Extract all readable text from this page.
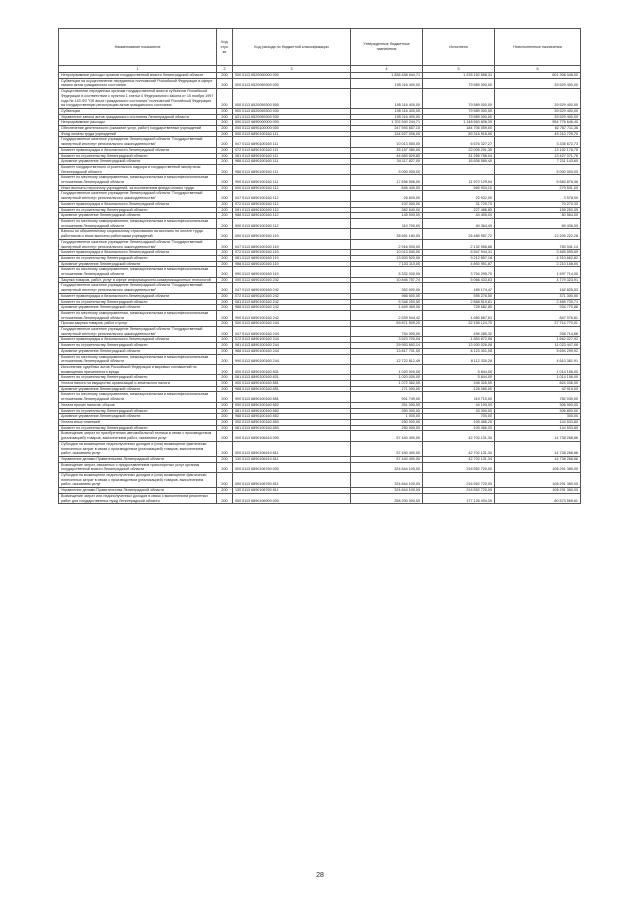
Наименование показателя	Код стро ки	Код расхода по бюджетной классификации	Утвержденные бюджетные назначения	Исполнено	Неисполненные назначения
1	2	3	4	5	6
Непрограммные расходы органов государственной власти Ленинградской области	200	000 0113 6520000000 000	1 836 458 644,71	1 235 152 658,31	601 306 046,00
Субвенции на осуществление переданных полномочий Российской Федерации в сфере записи актов гражданского состояния	200	000 0113 6520059300 000	195 116 400,00	79 589 000,00	39 529 400,00
Осуществление переданных органам государственной власти субъектов Российской Федерации в соответствии с пунктом 1 статьи 4 Федерального закона от 15 ноября 1997 года № 143-ФЗ "Об актах гражданского состояния" полномочий Российской Федерации на государственную регистрацию актов гражданского состояния	200	000 0113 6520059300 500	195 116 400,00	79 589 000,00	39 529 400,00
Субвенции	200	000 0113 6520059300 530	195 116 400,00	79 589 000,00	39 529 400,00
Управление записи актов гражданского состояния Ленинградской области	200	631 0113 6520059300 530	195 116 400,00	79 589 000,00	39 529 400,00
Непрограммные расходы	200	000 0113 6890000000 000	1 702 340 244,71	1 148 563 608,30	554 776 646,40
Обеспечение деятельности (оказание услуг, работ) государственных учреждений	200	000 0113 6890100000 000	247 593 657,10	184 706 059,00	62 787 711,36
Фонд оплаты труда учреждений	200	000 0113 6890100160 111	134 527 006,00	89 316 916,00	45 210 729,70
Государственное казенное учреждение Ленинградской области "Государственный экспертный институт регионального законодательства"	200	047 0113 6890100160 111	10 013 500,00	6 676 327,27	3 336 672,73
Комитет правопорядка и безопасности Ленинградской области	200	072 0113 6890100160 111	35 157 380,00	22 005 201,35	13 152 178,75
Комитет по строительству Ленинградской области	200	081 0113 6890100160 111	44 683 829,80	31 256 758,04	13 427 071,76
Архивное управление Ленинградской области	200	988 0113 6890100160 111	34 117 827,00	16 836 589,40	7 211 143,60
Комитет государственного строительного надзора и государственной экспертизы Ленинградской области	200	986 0113 6890100160 111	5 000 000,00		5 000 000,00
Комитет по местному самоуправлению, межнациональным и межконфессиональным отношениям Ленинградской области	200	990 0113 6890100160 111	17 656 506,00	11 972 129,94	5 683 876,46
Иные выплаты персоналу учреждений, за исключением фонда оплаты труда	200	000 0113 6890100160 112	846 440,00	565 934,10	279 531,00
Государственное казенное учреждение Ленинградской области "Государственный экспертный институт регионального законодательства"	200	047 0113 6890100160 112	26 600,00	22 932,00	3 578,00
Комитет правопорядка и безопасности Ленинградской области	200	072 0113 6890100160 112	102 000,00	31 729,70	70 270,30
Комитет по строительству Ленинградской области	200	081 0113 6890100160 112	382 640,00	227 486,85	155 253,35
Архивное управление Ленинградской области	200	988 0113 6890100160 112	145 000,00	44 405,00	60 564,00
Комитет по местному самоуправлению, межнациональным и межконфессиональным отношениям Ленинградской области	200	990 0113 6890100160 112	110 700,00	40 364,40	69 436,00
Взносы по обязательному социальному страхованию на выплаты по оплате труда работников и иные выплаты работникам учреждений	200	000 0113 6890100160 119	38 691 180,00	26 485 957,72	12 205 222,28
Государственное казенное учреждение Ленинградской области "Государственный экспертный институт регионального законодательства"	200	047 0113 6890100160 119	2 916 000,00	2 132 958,86	783 041,14
Комитет правопорядка и безопасности Ленинградской области	200	072 0113 6890100160 119	10 013 540,00	6 547 944,31	3 465 595,69
Комитет по строительству Ленинградской области	200	081 0113 6890100160 119	13 503 520,00	9 212 857,18	4 310 662,82
Архивное управление Ленинградской области	200	988 0113 6890100160 119	7 103 110,00	4 892 951,87	2 210 158,00
Комитет по местному самоуправлению, межнациональным и межконфессиональным отношениям Ленинградской области	200	990 0113 6890100160 119	5 332 030,00	3 754 295,70	1 597 714,30
Закупка товаров, работ, услуг в сфере информационно-коммуникационных технологий	200	000 0113 6890100160 242	10 846 757,74	5 066 433,63	4 779 323,91
Государственное казенное учреждение Ленинградской области "Государственный экспертный институт регионального законодательства"	200	047 0113 6890100160 242	352 000,00	189 174,47	162 825,53
Комитет правопорядка и безопасности Ленинградской области	200	072 0113 6890100160 242	966 600,00	595 278,50	371 300,50
Комитет по строительству Ленинградской области	200	081 0113 6890100160 242	5 348 250,50	2 868 519,81	2 489 730,71
Архивное управление Ленинградской области	200	988 0113 6890100160 242	1 649 469,00	728 682,85	934 770,88
Комитет по местному самоуправлению, межнациональным и межконфессиональным отношениям Ленинградской области	200	990 0113 6890100160 242	2 539 944,42	1 680 867,61	847 076,81
Прочая закупка товаров, работ и услуг	200	000 0113 6890100160 244	59 871 509,20	32 155 124,70	27 714 770,01
Государственное казенное учреждение Ленинградской области "Государственный экспертный институт регионального законодательства"	200	047 0113 6890100160 244	754 000,00	495 285,32	258 714,68
Комитет правопорядка и безопасности Ленинградской области	200	072 0113 6890100160 244	3 523 700,00	1 853 672,56	1 662 027,92
Комитет по строительству Ленинградской области	200	081 0113 6890100160 244	29 953 693,14	13 930 026,08	11 023 447,06
Архивное управление Ленинградской области	200	988 0113 6890100160 244	13 817 701,00	8 123 401,08	5 694 299,92
Комитет по местному самоуправлению, межнациональным и межконфессиональным отношениям Ленинградской области	200	990 0113 6890100160 244	12 722 812,49	8 112 330,28	4 610 381,91
Исполнение судебных актов Российской Федерации и мировых соглашений по возмещению причиненного вреда	200	000 0113 6890100160 831	1 020 000,00	5 844,00	1 014 156,00
Комитет по строительству Ленинградской области	200	081 0113 6890100160 831	1 020 000,00	5 844,00	1 014 156,00
Уплата налога на имущество организаций и земельного налога	200	000 0113 6890100160 851	1 072 362,00	248 326,00	824 036,00
Архивное управление Ленинградской области	200	988 0113 6890100160 851	171 000,00	128 085,00	42 915,00
Комитет по местному самоуправлению, межнациональным и межконфессиональным отношениям Ленинградской области	200	990 0113 6890100160 851	901 749,00	119 710,00	782 039,00
Уплата прочих налогов, сборов	200	000 0113 6890100160 852	351 000,00	44 100,00	306 900,00
Комитет по строительству Ленинградской области	200	081 0113 6890100160 852	350 000,00	43 300,00	306 800,00
Архивное управление Ленинградской области	200	988 0113 6890100160 852	1 000,00	700,00	300,00
Уплата иных платежей	200	000 0113 6890100160 853	250 000,00	105 466,20	144 533,80
Комитет по строительству Ленинградской области	200	081 0113 6890100160 853	250 000,00	105 466,20	144 533,80
Возмещение затрат по приобретению автомобильной техники в связи с производством (реализацией) товаров, выполнением работ, оказанием услуг	200	000 0113 6890106410 000	57 440 400,00	42 702 131,34	14 738 268,66
Субсидии на возмещение недополученных доходов и (или) возмещение фактически понесенных затрат в связи с производством (реализацией) товаров, выполнением работ, оказанием услуг	200	000 0113 6890106410 811	57 440 400,00	42 702 131,34	14 738 268,66
Управление делами Правительства Ленинградской области	200	130 0113 6890106410 811	57 440 400,00	42 702 131,34	14 738 268,66
Возмещение затрат, связанных с предоставлением транспортных услуг органам государственной власти Ленинградской области	200	000 0113 6890106760 000	324 844 100,00	216 552 720,00	108 291 380,00
Субсидии на возмещение недополученных доходов и (или) возмещение фактически понесенных затрат в связи с производством (реализацией) товаров, выполнением работ, оказанием услуг	200	000 0113 6890106760 811	324 844 100,00	216 552 720,00	108 291 380,00
Управление делами Правительства Ленинградской области	200	130 0113 6890106760 811	324 844 100,00	216 552 720,00	108 291 380,00
Возмещение затрат или недополученных доходов в связи с выполнением ремонтных работ для государственных нужд Ленинградской области	200	000 0113 6890106900 000	258 200 000,00	177 126 434,39	80 573 565,61
28
